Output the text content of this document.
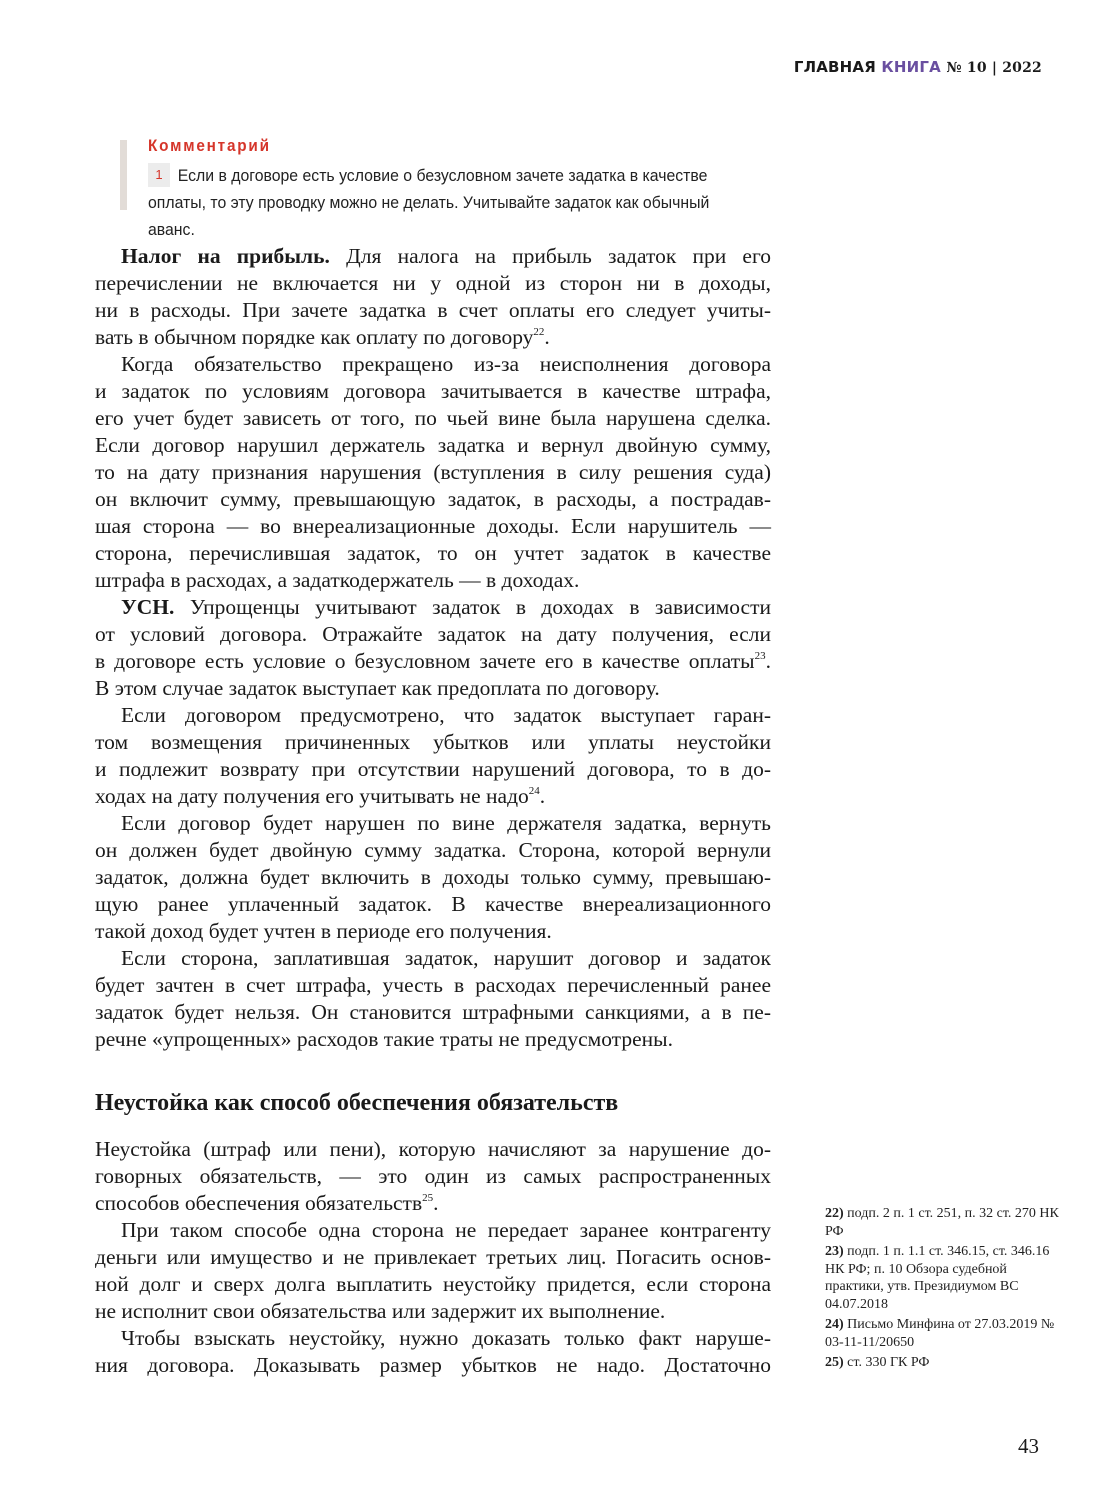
ГЛАВНАЯ КНИГА № 10 | 2022
Комментарий
Если в договоре есть условие о безусловном зачете задатка в качестве оплаты, то эту проводку можно не делать. Учитывайте задаток как обычный аванс.
1
Налог на прибыль. Для налога на прибыль задаток при его
перечислении не включается ни у одной из сторон ни в доходы,
ни в расходы. При зачете задатка в счет оплаты его следует учиты-
вать в обычном порядке как оплату по договору$^{22}$.
Когда обязательство прекращено из-за неисполнения договора
и задаток по условиям договора зачитывается в качестве штрафа,
его учет будет зависеть от того, по чьей вине была нарушена сделка.
Если договор нарушил держатель задатка и вернул двойную сумму,
то на дату признания нарушения (вступления в силу решения суда)
он включит сумму, превышающую задаток, в расходы, а пострадав-
шая сторона — во внереализационные доходы. Если нарушитель —
сторона, перечислившая задаток, то он учтет задаток в качестве
штрафа в расходах, а задаткодержатель — в доходах.
УСН. Упрощенцы учитывают задаток в доходах в зависимости
от условий договора. Отражайте задаток на дату получения, если
в договоре есть условие о безусловном зачете его в качестве оплаты$^{23}$.
В этом случае задаток выступает как предоплата по договору.
Если договором предусмотрено, что задаток выступает гаран-
том возмещения причиненных убытков или уплаты неустойки
и подлежит возврату при отсутствии нарушений договора, то в до-
ходах на дату получения его учитывать не надо$^{24}$.
Если договор будет нарушен по вине держателя задатка, вернуть
он должен будет двойную сумму задатка. Сторона, которой вернули
задаток, должна будет включить в доходы только сумму, превышаю-
щую ранее уплаченный задаток. В качестве внереализационного
такой доход будет учтен в периоде его получения.
Если сторона, заплатившая задаток, нарушит договор и задаток
будет зачтен в счет штрафа, учесть в расходах перечисленный ранее
задаток будет нельзя. Он становится штрафными санкциями, а в пе-
речне «упрощенных» расходов такие траты не предусмотрены.
Неустойка как способ обеспечения обязательств
Неустойка (штраф или пени), которую начисляют за нарушение до-
говорных обязательств, — это один из самых распространенных
способов обеспечения обязательств$^{25}$.
При таком способе одна сторона не передает заранее контрагенту
деньги или имущество и не привлекает третьих лиц. Погасить основ-
ной долг и сверх долга выплатить неустойку придется, если сторона
не исполнит свои обязательства или задержит их выполнение.
Чтобы взыскать неустойку, нужно доказать только факт наруше-
ния договора. Доказывать размер убытков не надо. Достаточно
22) подп. 2 п. 1 ст. 251, п. 32 ст. 270 НК РФ
23) подп. 1 п. 1.1 ст. 346.15, ст. 346.16 НК РФ; п. 10 Обзора судебной практики, утв. Президиумом ВС 04.07.2018
24) Письмо Минфина от 27.03.2019 № 03-11-11/20650
25) ст. 330 ГК РФ
43
